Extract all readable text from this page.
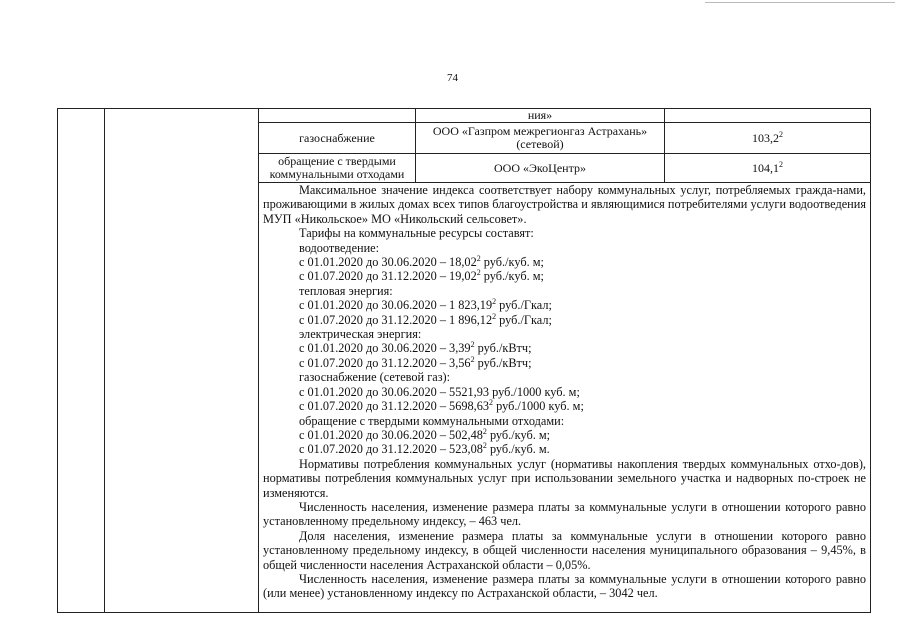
74
	ния»	
газоснабжение	ООО «Газпром межрегионгаз Астрахань» (сетевой)	103,2$^2$
обращение с твердыми коммунальными отходами	ООО «ЭкоЦентр»	104,1$^2$

Максимальное значение индекса соответствует набору коммунальных услуг, потребляемых гражда-нами, проживающими в жилых домах всех типов благоустройства и являющимися потребителями услуги водоотведения МУП «Никольское» МО «Никольский сельсовет».

Тарифы на коммунальные ресурсы составят:

водоотведение:

с 01.01.2020 до 30.06.2020 – 18,02$^2$ руб./куб. м;

с 01.07.2020 до 31.12.2020 – 19,02$^2$ руб./куб. м;

тепловая энергия:

с 01.01.2020 до 30.06.2020 – 1 823,19$^2$ руб./Гкал;

с 01.07.2020 до 31.12.2020 – 1 896,12$^2$ руб./Гкал;

электрическая энергия:

с 01.01.2020 до 30.06.2020 – 3,39$^2$ руб./кВтч;

с 01.07.2020 до 31.12.2020 – 3,56$^2$ руб./кВтч;

газоснабжение (сетевой газ):

с 01.01.2020 до 30.06.2020 – 5521,93 руб./1000 куб. м;

с 01.07.2020 до 31.12.2020 – 5698,63$^2$ руб./1000 куб. м;

обращение с твердыми коммунальными отходами:

с 01.01.2020 до 30.06.2020 – 502,48$^2$ руб./куб. м;

с 01.07.2020 до 31.12.2020 – 523,08$^2$ руб./куб. м.

Нормативы потребления коммунальных услуг (нормативы накопления твердых коммунальных отхо-дов), нормативы потребления коммунальных услуг при использовании земельного участка и надворных по-строек не изменяются.

Численность населения, изменение размера платы за коммунальные услуги в отношении которого равно установленному предельному индексу, – 463 чел.

Доля населения, изменение размера платы за коммунальные услуги в отношении которого равно установленному предельному индексу, в общей численности населения муниципального образования – 9,45%, в общей численности населения Астраханской области – 0,05%.

Численность населения, изменение размера платы за коммунальные услуги в отношении которого равно (или менее) установленному индексу по Астраханской области, – 3042 чел.
